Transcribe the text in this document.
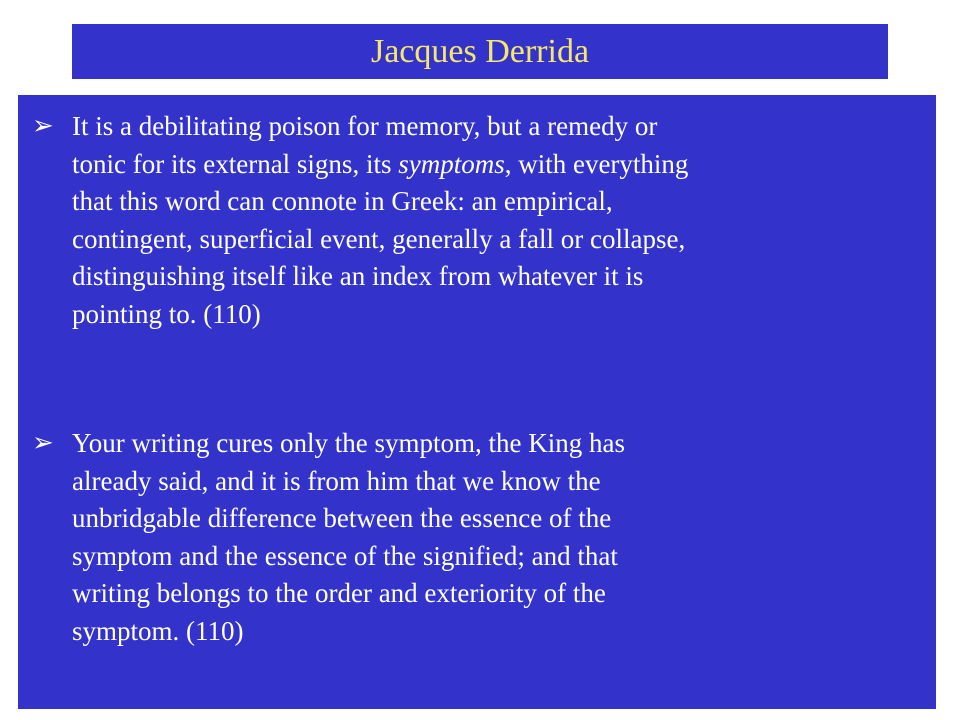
Jacques Derrida
➢ It is a debilitating poison for memory, but a remedy or
tonic for its external signs, its symptoms, with everything
that this word can connote in Greek: an empirical,
contingent, superficial event, generally a fall or collapse,
distinguishing itself like an index from whatever it is
pointing to. (110)
➢ Your writing cures only the symptom, the King has
already said, and it is from him that we know the
unbridgable difference between the essence of the
symptom and the essence of the signified; and that
writing belongs to the order and exteriority of the
symptom. (110)
